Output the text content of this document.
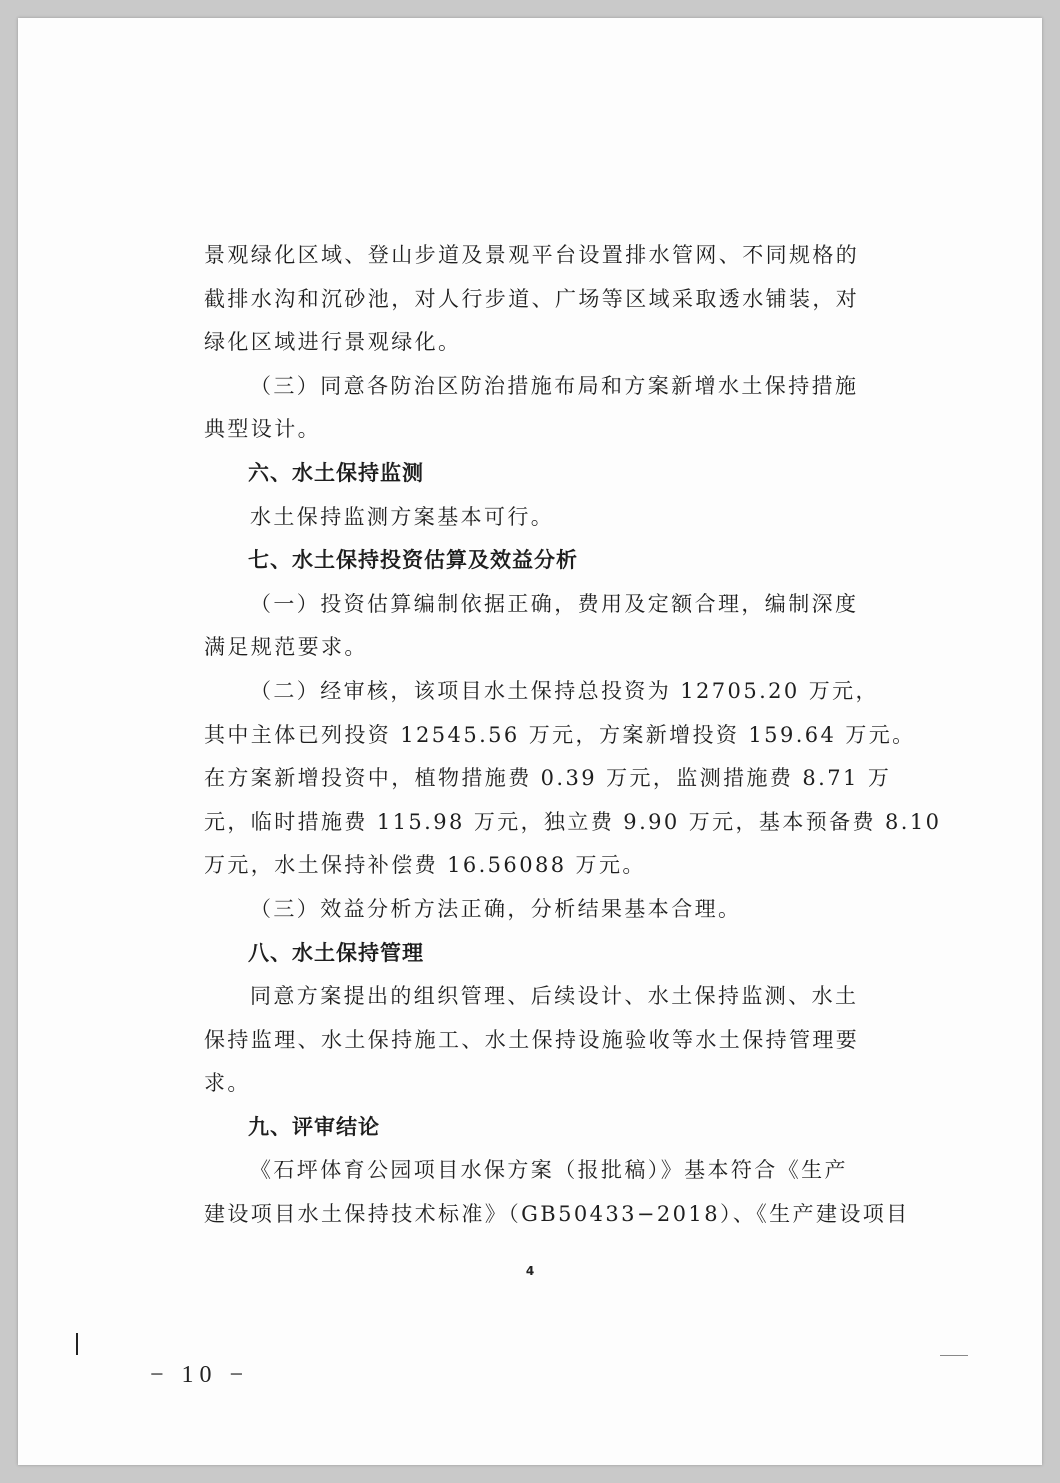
景观绿化区域、登山步道及景观平台设置排水管网、不同规格的
截排水沟和沉砂池，对人行步道、广场等区域采取透水铺装，对
绿化区域进行景观绿化。
（三）同意各防治区防治措施布局和方案新增水土保持措施
典型设计。
六、水土保持监测
水土保持监测方案基本可行。
七、水土保持投资估算及效益分析
（一）投资估算编制依据正确，费用及定额合理，编制深度
满足规范要求。
（二）经审核，该项目水土保持总投资为 12705.20 万元，
其中主体已列投资 12545.56 万元，方案新增投资 159.64 万元。
在方案新增投资中，植物措施费 0.39 万元，监测措施费 8.71 万
元，临时措施费 115.98 万元，独立费 9.90 万元，基本预备费 8.10
万元，水土保持补偿费 16.56088 万元。
（三）效益分析方法正确，分析结果基本合理。
八、水土保持管理
同意方案提出的组织管理、后续设计、水土保持监测、水土
保持监理、水土保持施工、水土保持设施验收等水土保持管理要
求。
九、评审结论
《石坪体育公园项目水保方案（报批稿）》基本符合《生产
建设项目水土保持技术标准》（GB50433−2018）、《生产建设项目
4
− 10 −
